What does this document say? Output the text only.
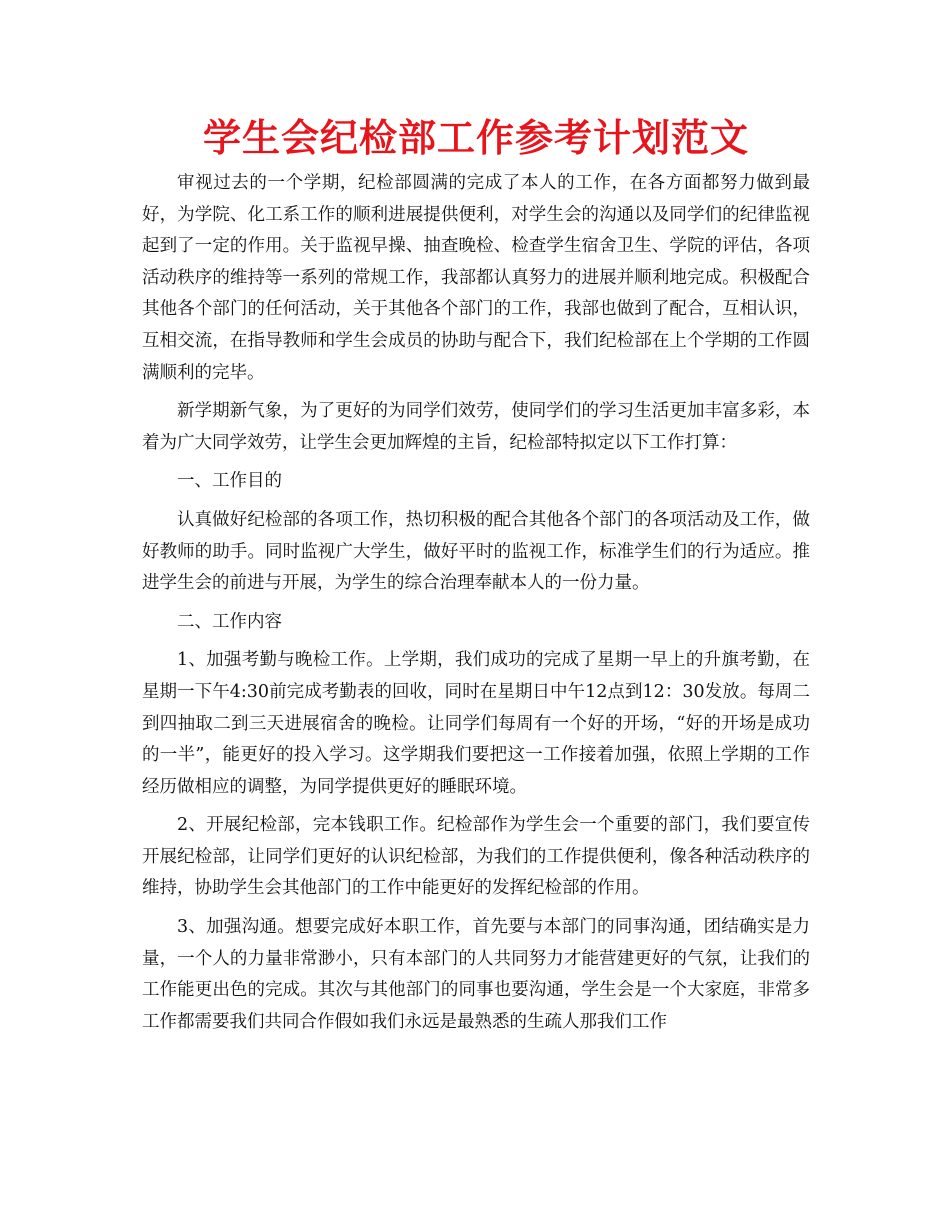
学生会纪检部工作参考计划范文

审视过去的一个学期，纪检部圆满的完成了本人的工作，在各方面都努力做到最好，为学院、化工系工作的顺利进展提供便利，对学生会的沟通以及同学们的纪律监视起到了一定的作用。关于监视早操、抽查晚检、检查学生宿舍卫生、学院的评估，各项活动秩序的维持等一系列的常规工作，我部都认真努力的进展并顺利地完成。积极配合其他各个部门的任何活动，关于其他各个部门的工作，我部也做到了配合，互相认识，互相交流，在指导教师和学生会成员的协助与配合下，我们纪检部在上个学期的工作圆满顺利的完毕。

新学期新气象，为了更好的为同学们效劳，使同学们的学习生活更加丰富多彩，本着为广大同学效劳，让学生会更加辉煌的主旨，纪检部特拟定以下工作打算：

一、工作目的

认真做好纪检部的各项工作，热切积极的配合其他各个部门的各项活动及工作，做好教师的助手。同时监视广大学生，做好平时的监视工作，标准学生们的行为适应。推进学生会的前进与开展，为学生的综合治理奉献本人的一份力量。

二、工作内容

1、加强考勤与晚检工作。上学期，我们成功的完成了星期一早上的升旗考勤，在星期一下午4:30前完成考勤表的回收，同时在星期日中午12点到12：30发放。每周二到四抽取二到三天进展宿舍的晚检。让同学们每周有一个好的开场，“好的开场是成功的一半”，能更好的投入学习。这学期我们要把这一工作接着加强，依照上学期的工作经历做相应的调整，为同学提供更好的睡眠环境。

2、开展纪检部，完本钱职工作。纪检部作为学生会一个重要的部门，我们要宣传开展纪检部，让同学们更好的认识纪检部，为我们的工作提供便利，像各种活动秩序的维持，协助学生会其他部门的工作中能更好的发挥纪检部的作用。

3、加强沟通。想要完成好本职工作，首先要与本部门的同事沟通，团结确实是力量，一个人的力量非常渺小，只有本部门的人共同努力才能营建更好的气氛，让我们的工作能更出色的完成。其次与其他部门的同事也要沟通，学生会是一个大家庭，非常多工作都需要我们共同合作假如我们永远是最熟悉的生疏人那我们工作
